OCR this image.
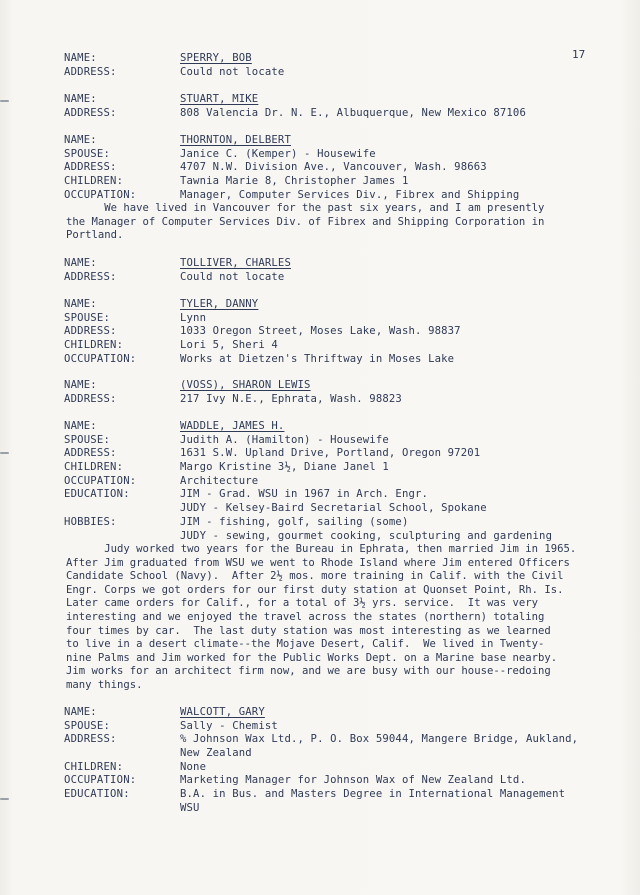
17
NAME:	SPERRY, BOB
ADDRESS:	Could not locate
NAME:	STUART, MIKE
ADDRESS:	808 Valencia Dr. N. E., Albuquerque, New Mexico 87106
NAME:	THORNTON, DELBERT
SPOUSE:	Janice C. (Kemper) - Housewife
ADDRESS:	4707 N.W. Division Ave., Vancouver, Wash. 98663
CHILDREN:	Tawnia Marie 8, Christopher James 1
OCCUPATION:	Manager, Computer Services Div., Fibrex and Shipping
We have lived in Vancouver for the past six years, and I am presently
the Manager of Computer Services Div. of Fibrex and Shipping Corporation in
Portland.
NAME:	TOLLIVER, CHARLES
ADDRESS:	Could not locate
NAME:	TYLER, DANNY
SPOUSE:	Lynn
ADDRESS:	1033 Oregon Street, Moses Lake, Wash. 98837
CHILDREN:	Lori 5, Sheri 4
OCCUPATION:	Works at Dietzen's Thriftway in Moses Lake
NAME:	(VOSS), SHARON LEWIS
ADDRESS:	217 Ivy N.E., Ephrata, Wash. 98823
NAME:	WADDLE, JAMES H.
SPOUSE:	Judith A. (Hamilton) - Housewife
ADDRESS:	1631 S.W. Upland Drive, Portland, Oregon 97201
CHILDREN:	Margo Kristine 3½, Diane Janel 1
OCCUPATION:	Architecture
EDUCATION:	JIM - Grad. WSU in 1967 in Arch. Engr.
JUDY - Kelsey-Baird Secretarial School, Spokane
HOBBIES:	JIM - fishing, golf, sailing (some)
JUDY - sewing, gourmet cooking, sculpturing and gardening
Judy worked two years for the Bureau in Ephrata, then married Jim in 1965.
After Jim graduated from WSU we went to Rhode Island where Jim entered Officers
Candidate School (Navy).  After 2½ mos. more training in Calif. with the Civil
Engr. Corps we got orders for our first duty station at Quonset Point, Rh. Is.
Later came orders for Calif., for a total of 3½ yrs. service.  It was very
interesting and we enjoyed the travel across the states (northern) totaling
four times by car.  The last duty station was most interesting as we learned
to live in a desert climate--the Mojave Desert, Calif.  We lived in Twenty-
nine Palms and Jim worked for the Public Works Dept. on a Marine base nearby.
Jim works for an architect firm now, and we are busy with our house--redoing
many things.
NAME:	WALCOTT, GARY
SPOUSE:	Sally - Chemist
ADDRESS:	% Johnson Wax Ltd., P. O. Box 59044, Mangere Bridge, Aukland,
New Zealand
CHILDREN:	None
OCCUPATION:	Marketing Manager for Johnson Wax of New Zealand Ltd.
EDUCATION:	B.A. in Bus. and Masters Degree in International Management
WSU
